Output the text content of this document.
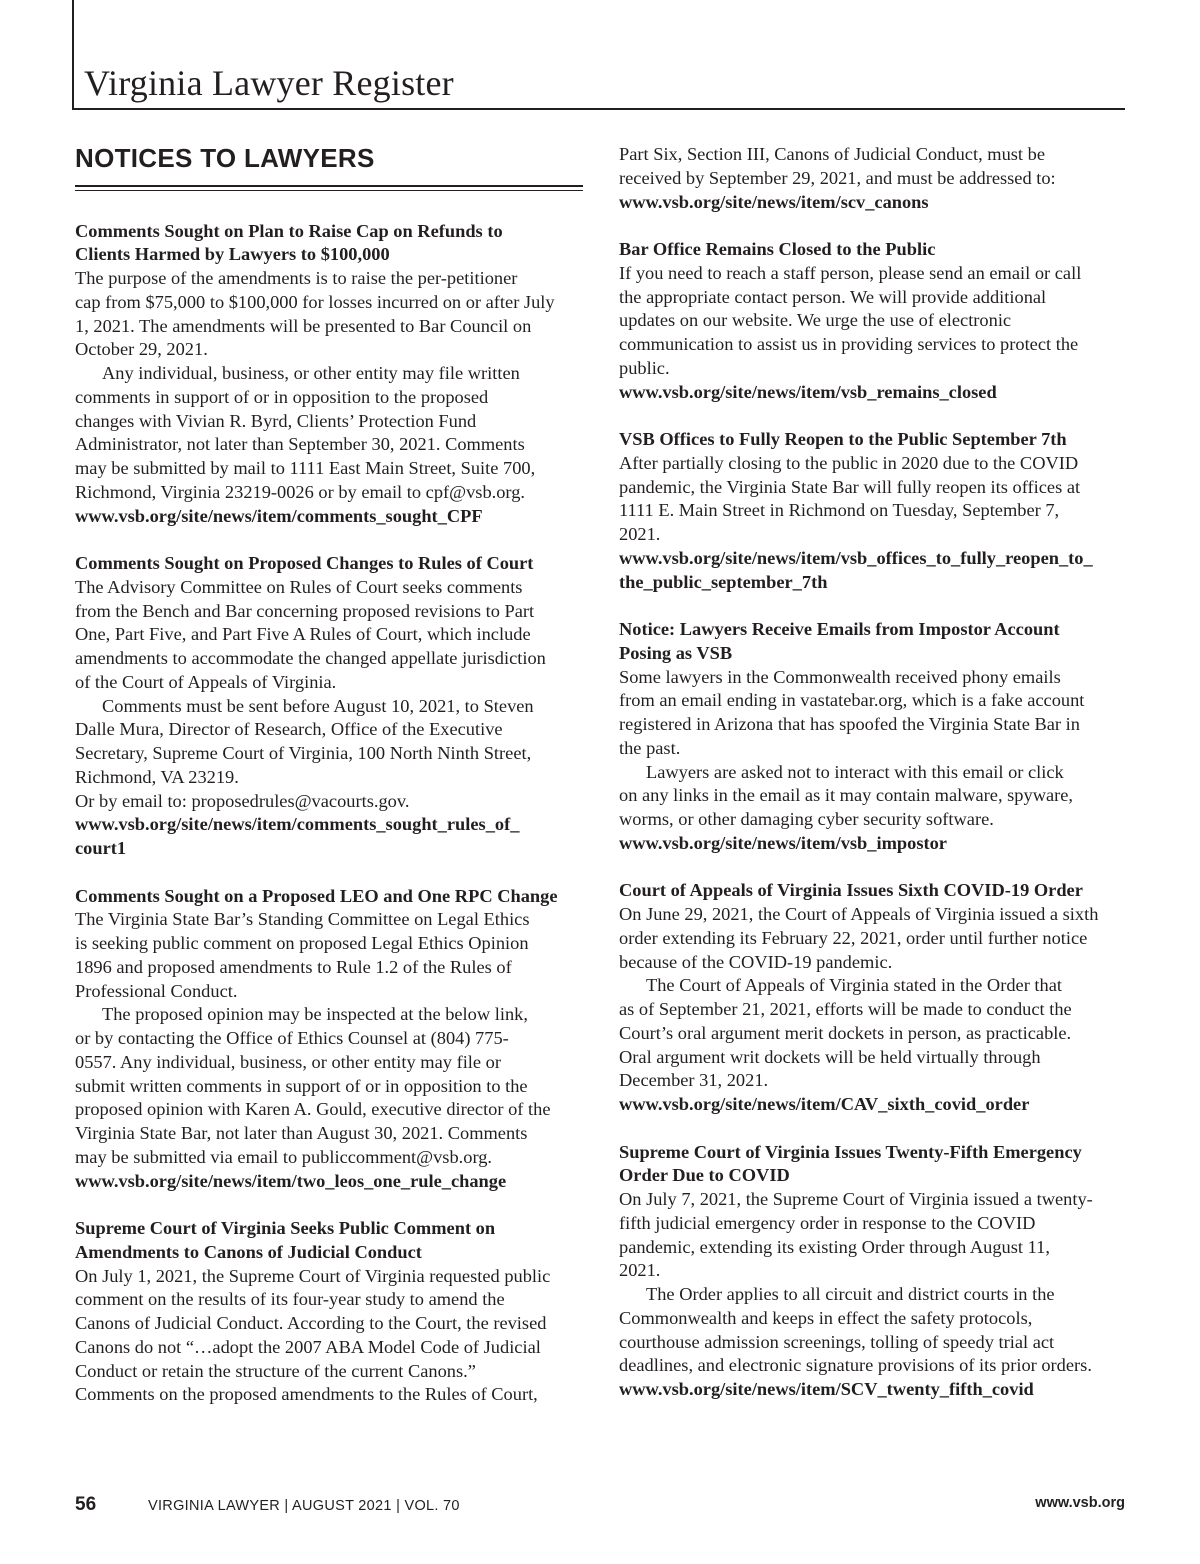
Virginia Lawyer Register
NOTICES TO LAWYERS

Comments Sought on Plan to Raise Cap on Refunds to

Clients Harmed by Lawyers to $100,000

The purpose of the amendments is to raise the per-petitioner

cap from $75,000 to $100,000 for losses incurred on or after July

1, 2021. The amendments will be presented to Bar Council on

October 29, 2021.

Any individual, business, or other entity may file written

comments in support of or in opposition to the proposed

changes with Vivian R. Byrd, Clients’ Protection Fund

Administrator, not later than September 30, 2021. Comments

may be submitted by mail to 1111 East Main Street, Suite 700,

Richmond, Virginia 23219-0026 or by email to cpf@vsb.org.

www.vsb.org/site/news/item/comments_sought_CPF

Comments Sought on Proposed Changes to Rules of Court

The Advisory Committee on Rules of Court seeks comments

from the Bench and Bar concerning proposed revisions to Part

One, Part Five, and Part Five A Rules of Court, which include

amendments to accommodate the changed appellate jurisdiction

of the Court of Appeals of Virginia.

Comments must be sent before August 10, 2021, to Steven

Dalle Mura, Director of Research, Office of the Executive

Secretary, Supreme Court of Virginia, 100 North Ninth Street,

Richmond, VA 23219.

Or by email to: proposedrules@vacourts.gov.

www.vsb.org/site/news/item/comments_sought_rules_of_

court1

Comments Sought on a Proposed LEO and One RPC Change

The Virginia State Bar’s Standing Committee on Legal Ethics

is seeking public comment on proposed Legal Ethics Opinion

1896 and proposed amendments to Rule 1.2 of the Rules of

Professional Conduct.

The proposed opinion may be inspected at the below link,

or by contacting the Office of Ethics Counsel at (804) 775-

0557. Any individual, business, or other entity may file or

submit written comments in support of or in opposition to the

proposed opinion with Karen A. Gould, executive director of the

Virginia State Bar, not later than August 30, 2021. Comments

may be submitted via email to publiccomment@vsb.org.

www.vsb.org/site/news/item/two_leos_one_rule_change

Supreme Court of Virginia Seeks Public Comment on

Amendments to Canons of Judicial Conduct

On July 1, 2021, the Supreme Court of Virginia requested public

comment on the results of its four-year study to amend the

Canons of Judicial Conduct. According to the Court, the revised

Canons do not “…adopt the 2007 ABA Model Code of Judicial

Conduct or retain the structure of the current Canons.”

Comments on the proposed amendments to the Rules of Court,

Part Six, Section III, Canons of Judicial Conduct, must be

received by September 29, 2021, and must be addressed to:

www.vsb.org/site/news/item/scv_canons

Bar Office Remains Closed to the Public

If you need to reach a staff person, please send an email or call

the appropriate contact person. We will provide additional

updates on our website. We urge the use of electronic

communication to assist us in providing services to protect the

public.

www.vsb.org/site/news/item/vsb_remains_closed

VSB Offices to Fully Reopen to the Public September 7th

After partially closing to the public in 2020 due to the COVID

pandemic, the Virginia State Bar will fully reopen its offices at

1111 E. Main Street in Richmond on Tuesday, September 7,

2021.

www.vsb.org/site/news/item/vsb_offices_to_fully_reopen_to_

the_public_september_7th

Notice: Lawyers Receive Emails from Impostor Account

Posing as VSB

Some lawyers in the Commonwealth received phony emails

from an email ending in vastatebar.org, which is a fake account

registered in Arizona that has spoofed the Virginia State Bar in

the past.

Lawyers are asked not to interact with this email or click

on any links in the email as it may contain malware, spyware,

worms, or other damaging cyber security software.

www.vsb.org/site/news/item/vsb_impostor

Court of Appeals of Virginia Issues Sixth COVID-19 Order

On June 29, 2021, the Court of Appeals of Virginia issued a sixth

order extending its February 22, 2021, order until further notice

because of the COVID-19 pandemic.

The Court of Appeals of Virginia stated in the Order that

as of September 21, 2021, efforts will be made to conduct the

Court’s oral argument merit dockets in person, as practicable.

Oral argument writ dockets will be held virtually through

December 31, 2021.

www.vsb.org/site/news/item/CAV_sixth_covid_order

Supreme Court of Virginia Issues Twenty-Fifth Emergency

Order Due to COVID

On July 7, 2021, the Supreme Court of Virginia issued a twenty-

fifth judicial emergency order in response to the COVID

pandemic, extending its existing Order through August 11,

2021.

The Order applies to all circuit and district courts in the

Commonwealth and keeps in effect the safety protocols,

courthouse admission screenings, tolling of speedy trial act

deadlines, and electronic signature provisions of its prior orders.

www.vsb.org/site/news/item/SCV_twenty_fifth_covid

56	VIRGINIA LAWYER | AUGUST 2021 | VOL. 70	www.vsb.org
